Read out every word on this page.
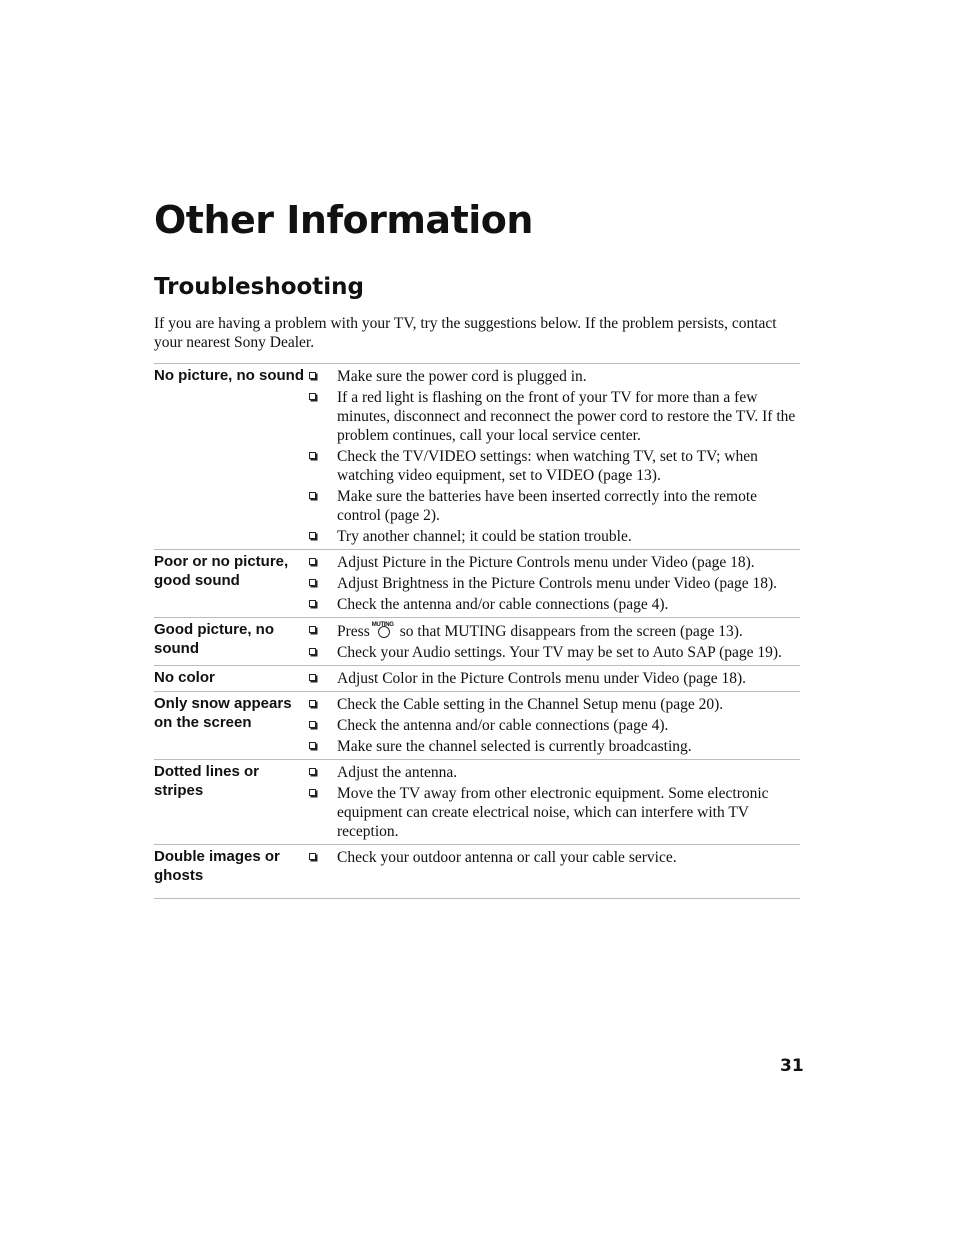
Other Information
Troubleshooting

If you are having a problem with your TV, try the suggestions below. If the problem persists, contact your nearest Sony Dealer.

No picture, no sound	Make sure the power cord is plugged in.
If a red light is flashing on the front of your TV for more than a few minutes, disconnect and reconnect the power cord to restore the TV. If the problem continues, call your local service center.
Check the TV/VIDEO settings: when watching TV, set to TV; when watching video equipment, set to VIDEO (page 13).
Make sure the batteries have been inserted correctly into the remote control (page 2).
Try another channel; it could be station trouble.
Poor or no picture, good sound
Adjust Picture in the Picture Controls menu under Video (page 18).
Adjust Brightness in the Picture Controls menu under Video (page 18).
Check the antenna and/or cable connections (page 4).
Good picture, no sound
Press MUTING so that MUTING disappears from the screen (page 13).
Check your Audio settings. Your TV may be set to Auto SAP (page 19).
No color	Adjust Color in the Picture Controls menu under Video (page 18).
Only snow appears on the screen
Check the Cable setting in the Channel Setup menu (page 20).
Check the antenna and/or cable connections (page 4).
Make sure the channel selected is currently broadcasting.
Dotted lines or stripes
Adjust the antenna.
Move the TV away from other electronic equipment. Some electronic equipment can create electrical noise, which can interfere with TV reception.
Double images or ghosts
Check your outdoor antenna or call your cable service.
31
